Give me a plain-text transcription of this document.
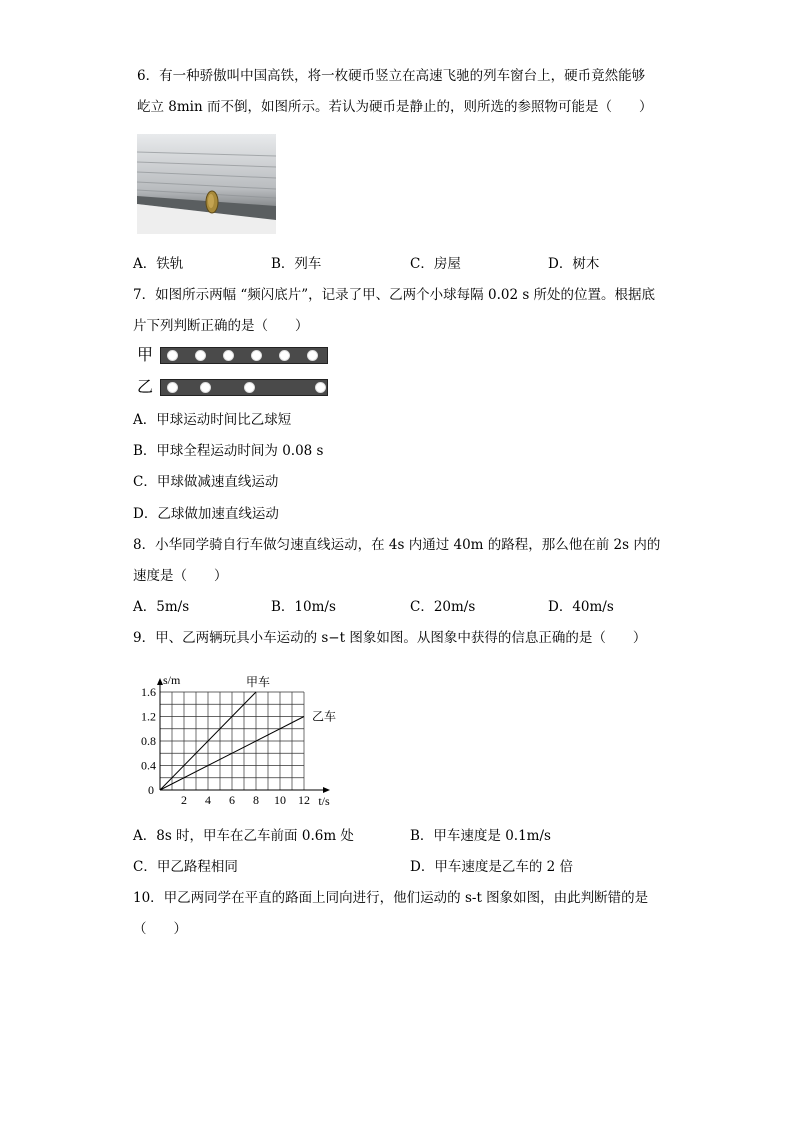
6．有一种骄傲叫中国高铁，将一枚硬币竖立在高速飞驰的列车窗台上，硬币竟然能够
屹立 8min 而不倒，如图所示。若认为硬币是静止的，则所选的参照物可能是（　　）
A．铁轨	B．列车	C．房屋	D．树木
7．如图所示两幅 “频闪底片”，记录了甲、乙两个小球每隔 0.02 s 所处的位置。根据底
片下列判断正确的是（　　）
甲
乙
A．甲球运动时间比乙球短
B．甲球全程运动时间为 0.08 s
C．甲球做减速直线运动
D．乙球做加速直线运动
8．小华同学骑自行车做匀速直线运动，在 4s 内通过 40m 的路程，那么他在前 2s 内的
速度是（　　）
A．5m/s	B．10m/s	C．20m/s	D．40m/s
9．甲、乙两辆玩具小车运动的 s−t 图象如图。从图象中获得的信息正确的是（　　）
2 4 6 8 10 12
0.4
0.8
1.2
1.6
0
t/s
s/m	甲车
乙车
A．8s 时，甲车在乙车前面 0.6m 处	B．甲车速度是 0.1m/s
C．甲乙路程相同	D．甲车速度是乙车的 2 倍
10．甲乙两同学在平直的路面上同向进行，他们运动的 s-t 图象如图，由此判断错的是
（　　）
